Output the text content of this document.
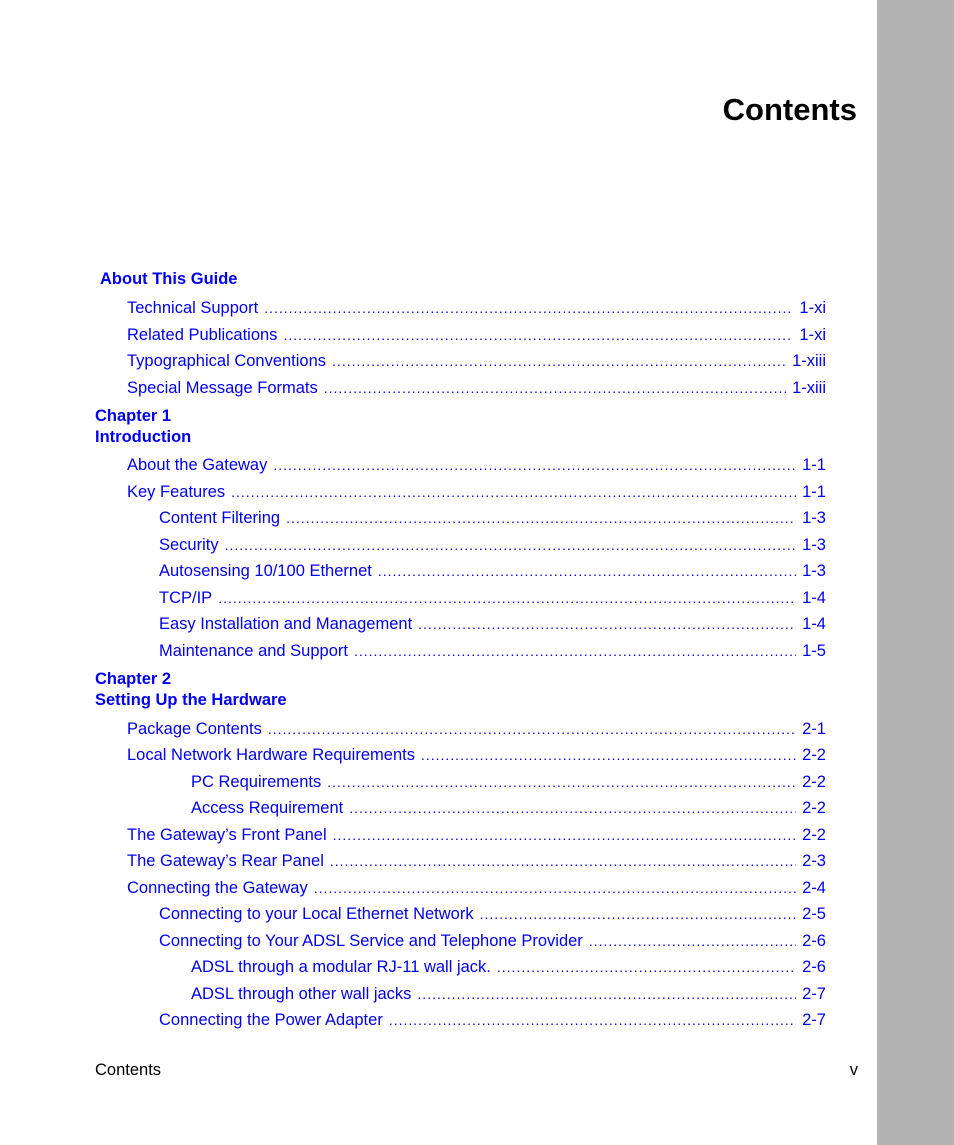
Contents
About This Guide
Technical Support .....	1-xi
Related Publications .....	1-xi
Typographical Conventions .....	1-xiii
Special Message Formats .....	1-xiii
Chapter 1
Introduction
About the Gateway .....	1-1
Key Features .....	1-1
Content Filtering .....	1-3
Security .....	1-3
Autosensing 10/100 Ethernet .....	1-3
TCP/IP .....	1-4
Easy Installation and Management .....	1-4
Maintenance and Support .....	1-5
Chapter 2
Setting Up the Hardware
Package Contents .....	2-1
Local Network Hardware Requirements .....	2-2
PC Requirements .....	2-2
Access Requirement .....	2-2
The Gateway’s Front Panel .....	2-2
The Gateway’s Rear Panel .....	2-3
Connecting the Gateway .....	2-4
Connecting to your Local Ethernet Network .....	2-5
Connecting to Your ADSL Service and Telephone Provider .....	2-6
ADSL through a modular RJ-11 wall jack. .....	2-6
ADSL through other wall jacks .....	2-7
Connecting the Power Adapter .....	2-7
Contents	v
